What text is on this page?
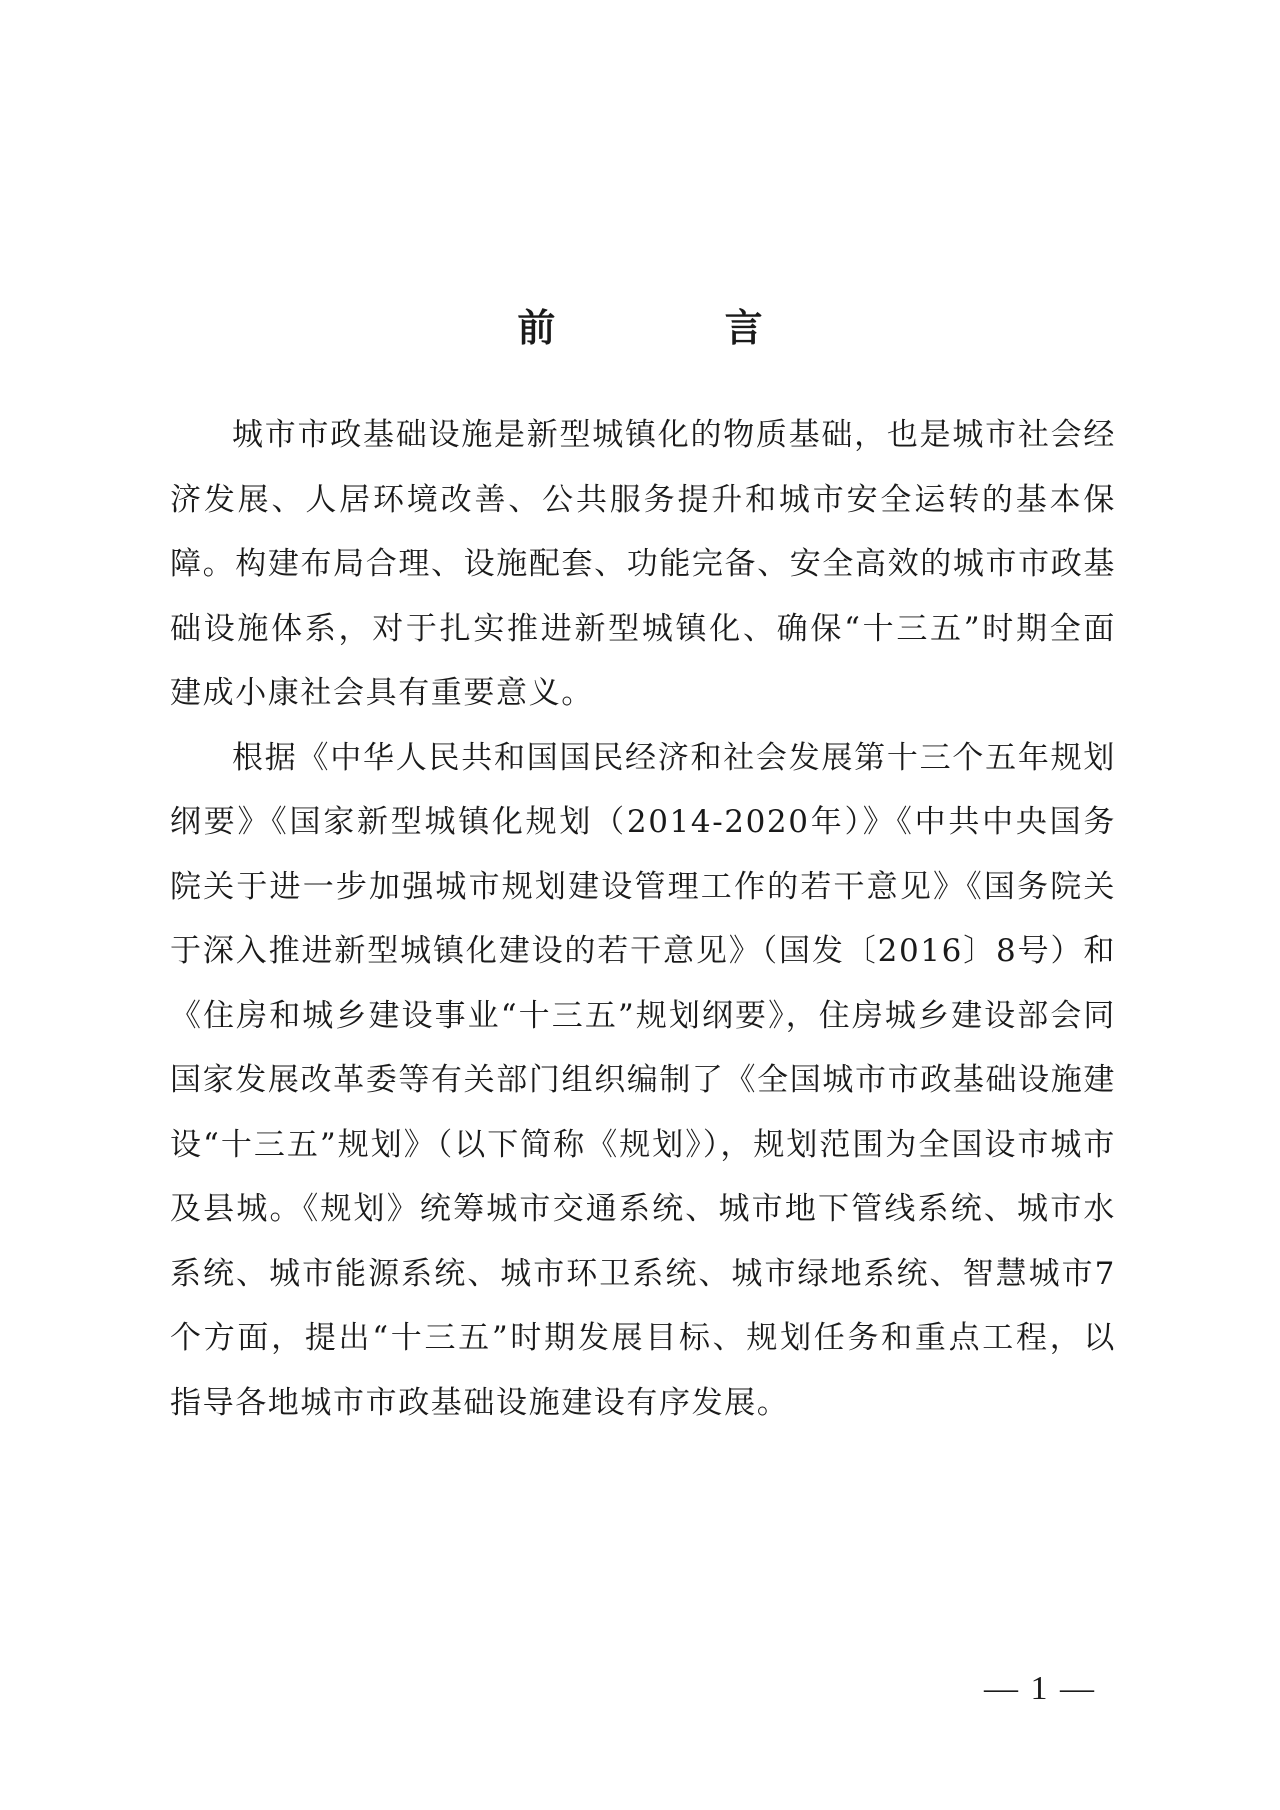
前 言

城市市政基础设施是新型城镇化的物质基础，也是城市社会经济发展、人居环境改善、公共服务提升和城市安全运转的基本保障。构建布局合理、设施配套、功能完备、安全高效的城市市政基础设施体系，对于扎实推进新型城镇化、确保“十三五”时期全面建成小康社会具有重要意义。

根据《中华人民共和国国民经济和社会发展第十三个五年规划纲要》《国家新型城镇化规划（2014-2020年）》《中共中央国务院关于进一步加强城市规划建设管理工作的若干意见》《国务院关于深入推进新型城镇化建设的若干意见》（国发〔2016〕8号）和《住房和城乡建设事业“十三五”规划纲要》，住房城乡建设部会同国家发展改革委等有关部门组织编制了《全国城市市政基础设施建设“十三五”规划》（以下简称《规划》），规划范围为全国设市城市及县城。《规划》统筹城市交通系统、城市地下管线系统、城市水系统、城市能源系统、城市环卫系统、城市绿地系统、智慧城市7个方面，提出“十三五”时期发展目标、规划任务和重点工程，以指导各地城市市政基础设施建设有序发展。

— 1 —
